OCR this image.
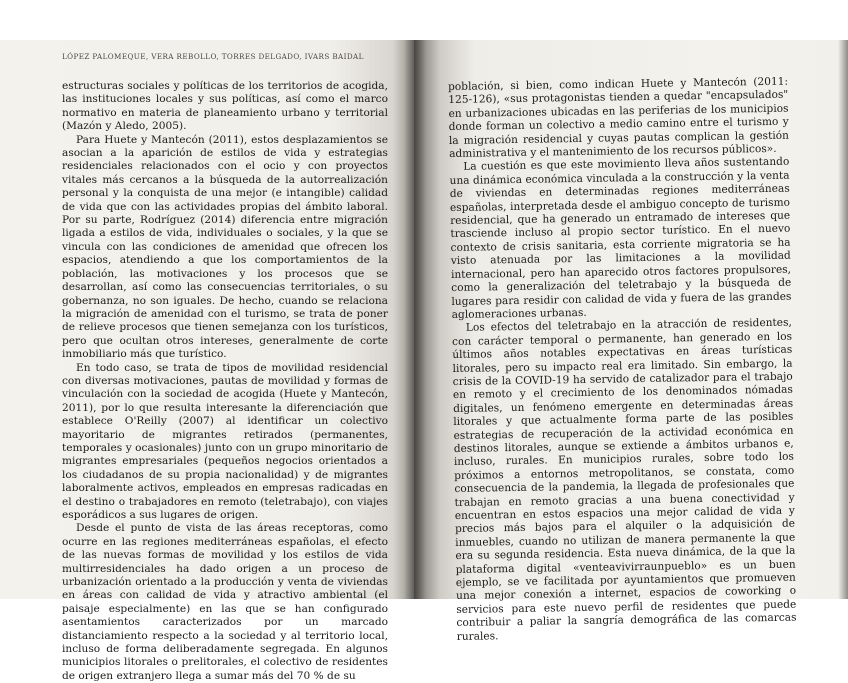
LÓPEZ PALOMEQUE, VERA REBOLLO, TORRES DELGADO, IVARS BAIDAL

estructuras sociales y políticas de los territorios de acogida, las instituciones locales y sus políticas, así como el marco normativo en materia de planeamiento urbano y territorial (Mazón y Aledo, 2005).

Para Huete y Mantecón (2011), estos desplazamientos se asocian a la aparición de estilos de vida y estrategias residenciales relacionados con el ocio y con proyectos vitales más cercanos a la búsqueda de la autorrealización personal y la conquista de una mejor (e intangible) calidad de vida que con las actividades propias del ámbito laboral. Por su parte, Rodríguez (2014) diferencia entre migración ligada a estilos de vida, individuales o sociales, y la que se vincula con las condiciones de amenidad que ofrecen los espacios, atendiendo a que los comportamientos de la población, las motivaciones y los procesos que se desarrollan, así como las consecuencias territoriales, o su gobernanza, no son iguales. De hecho, cuando se relaciona la migración de amenidad con el turismo, se trata de poner de relieve procesos que tienen semejanza con los turísticos, pero que ocultan otros intereses, generalmente de corte inmobiliario más que turístico.

En todo caso, se trata de tipos de movilidad residencial con diversas motivaciones, pautas de movilidad y formas de vinculación con la sociedad de acogida (Huete y Mantecón, 2011), por lo que resulta interesante la diferenciación que establece O'Reilly (2007) al identificar un colectivo mayoritario de migrantes retirados (permanentes, temporales y ocasionales) junto con un grupo minoritario de migrantes empresariales (pequeños negocios orientados a los ciudadanos de su propia nacionalidad) y de migrantes laboralmente activos, empleados en empresas radicadas en el destino o trabajadores en remoto (teletrabajo), con viajes esporádicos a sus lugares de origen.

Desde el punto de vista de las áreas receptoras, como ocurre en las regiones mediterráneas españolas, el efecto de las nuevas formas de movilidad y los estilos de vida multirresidenciales ha dado origen a un proceso de urbanización orientado a la producción y venta de viviendas en áreas con calidad de vida y atractivo ambiental (el paisaje especialmente) en las que se han configurado asentamientos caracterizados por un marcado distanciamiento respecto a la sociedad y al territorio local, incluso de forma deliberadamente segregada. En algunos municipios litorales o prelitorales, el colectivo de residentes de origen extranjero llega a sumar más del 70 % de su

población, si bien, como indican Huete y Mantecón (2011: 125-126), «sus protagonistas tienden a quedar "encapsulados" en urbanizaciones ubicadas en las periferias de los municipios donde forman un colectivo a medio camino entre el turismo y la migración residencial y cuyas pautas complican la gestión administrativa y el mantenimiento de los recursos públicos».

La cuestión es que este movimiento lleva años sustentando una dinámica económica vinculada a la construcción y la venta de viviendas en determinadas regiones mediterráneas españolas, interpretada desde el ambiguo concepto de turismo residencial, que ha generado un entramado de intereses que trasciende incluso al propio sector turístico. En el nuevo contexto de crisis sanitaria, esta corriente migratoria se ha visto atenuada por las limitaciones a la movilidad internacional, pero han aparecido otros factores propulsores, como la generalización del teletrabajo y la búsqueda de lugares para residir con calidad de vida y fuera de las grandes aglomeraciones urbanas.

Los efectos del teletrabajo en la atracción de residentes, con carácter temporal o permanente, han generado en los últimos años notables expectativas en áreas turísticas litorales, pero su impacto real era limitado. Sin embargo, la crisis de la COVID-19 ha servido de catalizador para el trabajo en remoto y el crecimiento de los denominados nómadas digitales, un fenómeno emergente en determinadas áreas litorales y que actualmente forma parte de las posibles estrategias de recuperación de la actividad económica en destinos litorales, aunque se extiende a ámbitos urbanos e, incluso, rurales. En municipios rurales, sobre todo los próximos a entornos metropolitanos, se constata, como consecuencia de la pandemia, la llegada de profesionales que trabajan en remoto gracias a una buena conectividad y encuentran en estos espacios una mejor calidad de vida y precios más bajos para el alquiler o la adquisición de inmuebles, cuando no utilizan de manera permanente la que era su segunda residencia. Esta nueva dinámica, de la que la plataforma digital «venteavivirraunpueblo» es un buen ejemplo, se ve facilitada por ayuntamientos que promueven una mejor conexión a internet, espacios de coworking o servicios para este nuevo perfil de residentes que puede contribuir a paliar la sangría demográfica de las comarcas rurales.
